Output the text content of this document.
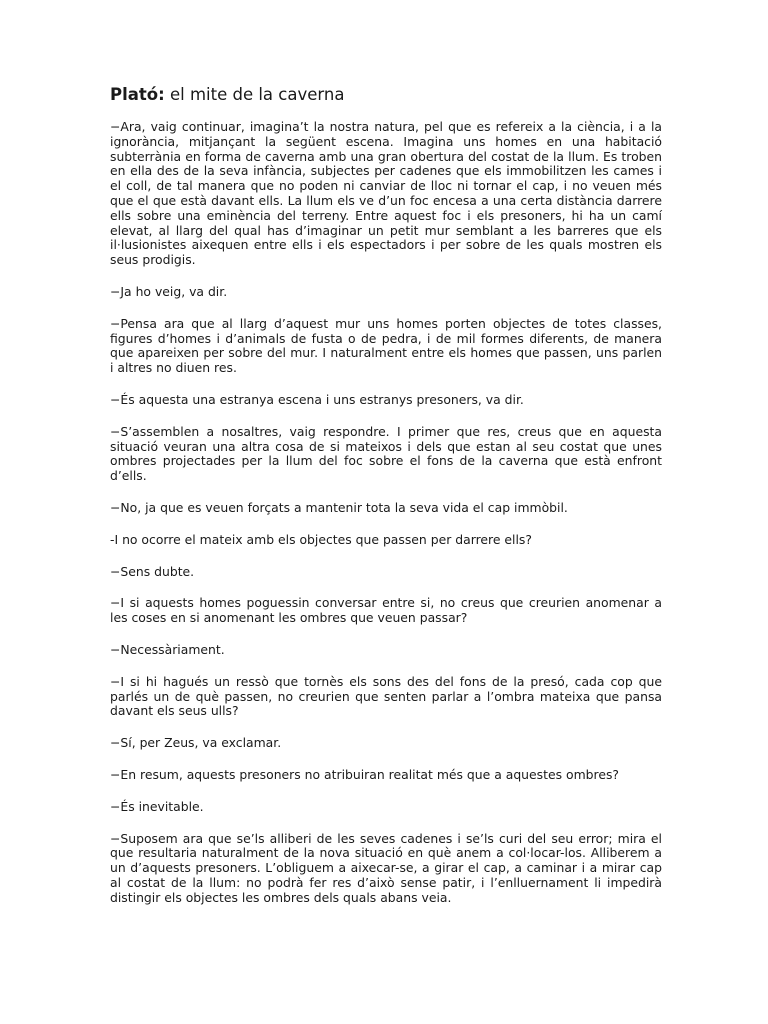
Plató: el mite de la caverna

−Ara, vaig continuar, imagina’t la nostra natura, pel que es refereix a la ciència, i a la ignorància, mitjançant la següent escena. Imagina uns homes en una habitació subterrània en forma de caverna amb una gran obertura del costat de la llum. Es troben en ella des de la seva infància, subjectes per cadenes que els immobilitzen les cames i el coll, de tal manera que no poden ni canviar de lloc ni tornar el cap, i no veuen més que el que està davant ells. La llum els ve d’un foc encesa a una certa distància darrere ells sobre una eminència del terreny. Entre aquest foc i els presoners, hi ha un camí elevat, al llarg del qual has d’imaginar un petit mur semblant a les barreres que els il·lusionistes aixequen entre ells i els espectadors i per sobre de les quals mostren els seus prodigis.

−Ja ho veig, va dir.

−Pensa ara que al llarg d’aquest mur uns homes porten objectes de totes classes, figures d’homes i d’animals de fusta o de pedra, i de mil formes diferents, de manera que apareixen per sobre del mur. I naturalment entre els homes que passen, uns parlen i altres no diuen res.

−És aquesta una estranya escena i uns estranys presoners, va dir.

−S’assemblen a nosaltres, vaig respondre. I primer que res, creus que en aquesta situació veuran una altra cosa de si mateixos i dels que estan al seu costat que unes ombres projectades per la llum del foc sobre el fons de la caverna que està enfront d’ells.

−No, ja que es veuen forçats a mantenir tota la seva vida el cap immòbil.

-I no ocorre el mateix amb els objectes que passen per darrere ells?

−Sens dubte.

−I si aquests homes poguessin conversar entre si, no creus que creurien anomenar a les coses en si anomenant les ombres que veuen passar?

−Necessàriament.

−I si hi hagués un ressò que tornès els sons des del fons de la presó, cada cop que parlés un de què passen, no creurien que senten parlar a l’ombra mateixa que pansa davant els seus ulls?

−Sí, per Zeus, va exclamar.

−En resum, aquests presoners no atribuiran realitat més que a aquestes ombres?

−És inevitable.

−Suposem ara que se’ls alliberi de les seves cadenes i se’ls curi del seu error; mira el que resultaria naturalment de la nova situació en què anem a col·locar-los. Alliberem a un d’aquests presoners. L’obliguem a aixecar-se, a girar el cap, a caminar i a mirar cap al costat de la llum: no podrà fer res d’això sense patir, i l’enlluernament li impedirà distingir els objectes les ombres dels quals abans veia.
